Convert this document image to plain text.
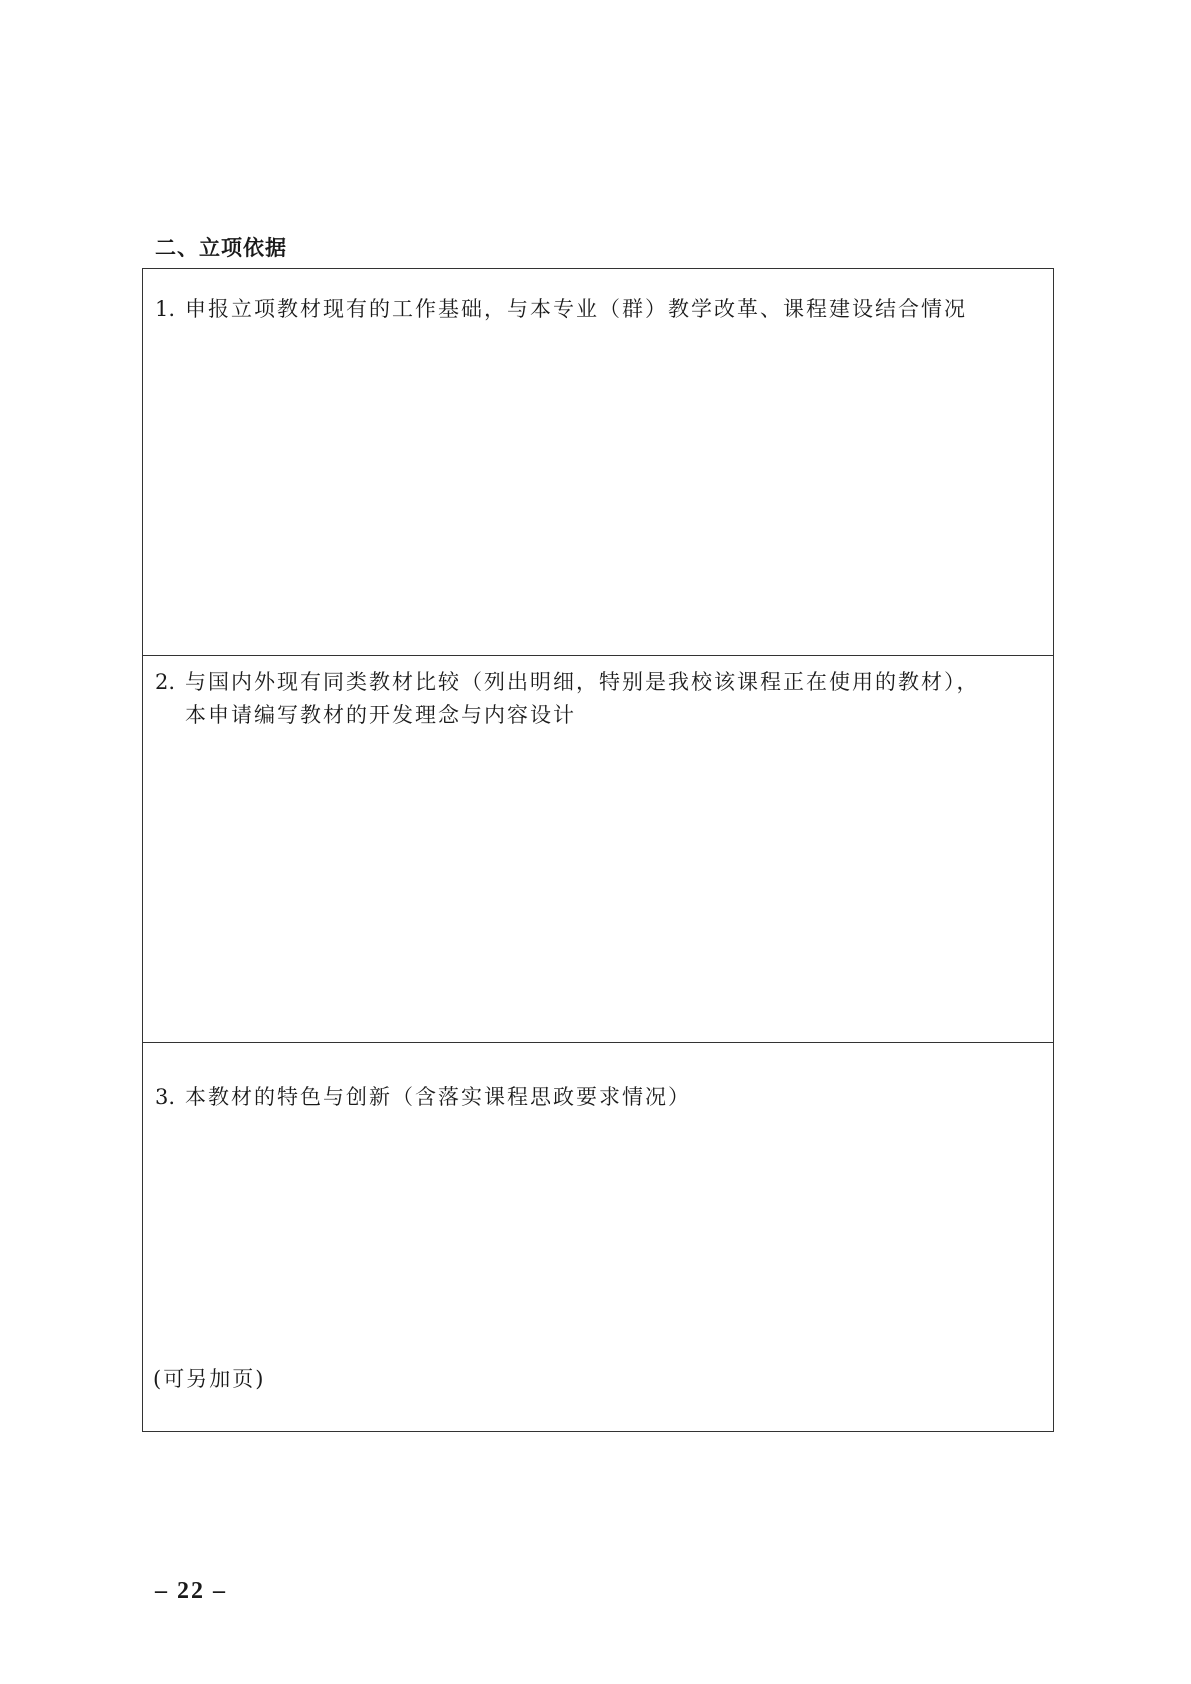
二、立项依据

1. 申报立项教材现有的工作基础，与本专业（群）教学改革、课程建设结合情况

2. 与国内外现有同类教材比较（列出明细，特别是我校该课程正在使用的教材），
本申请编写教材的开发理念与内容设计

3. 本教材的特色与创新（含落实课程思政要求情况）

(可另加页)

– 22 –
